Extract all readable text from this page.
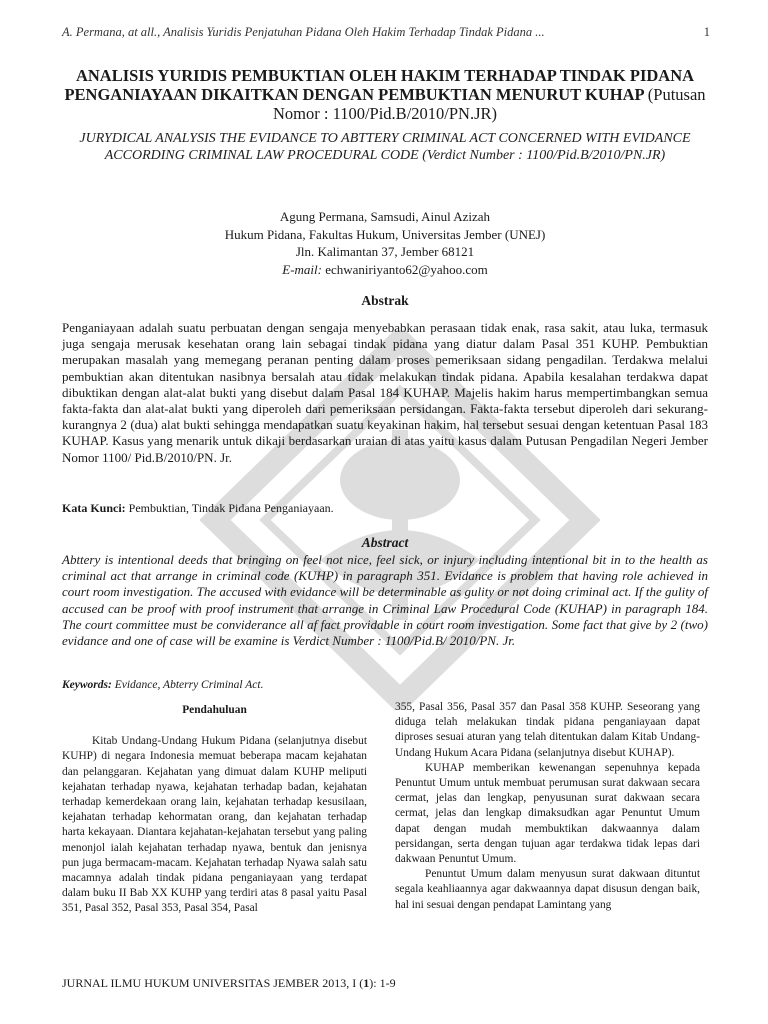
A. Permana, at all., Analisis Yuridis Penjatuhan Pidana Oleh Hakim Terhadap Tindak Pidana ...	1
ANALISIS YURIDIS PEMBUKTIAN OLEH HAKIM TERHADAP TINDAK PIDANA PENGANIAYAAN DIKAITKAN DENGAN PEMBUKTIAN MENURUT KUHAP (Putusan Nomor : 1100/Pid.B/2010/PN.JR)
JURYDICAL ANALYSIS THE EVIDANCE TO ABTTERY CRIMINAL ACT CONCERNED WITH EVIDANCE ACCORDING CRIMINAL LAW PROCEDURAL CODE (Verdict Number : 1100/Pid.B/2010/PN.JR)
Agung Permana, Samsudi, Ainul Azizah
Hukum Pidana, Fakultas Hukum, Universitas Jember (UNEJ)
Jln. Kalimantan 37, Jember 68121
E-mail: echwaniriyanto62@yahoo.com
Abstrak
Penganiayaan adalah suatu perbuatan dengan sengaja menyebabkan perasaan tidak enak, rasa sakit, atau luka, termasuk juga sengaja merusak kesehatan orang lain sebagai tindak pidana yang diatur dalam Pasal 351 KUHP. Pembuktian merupakan masalah yang memegang peranan penting dalam proses pemeriksaan sidang pengadilan. Terdakwa melalui pembuktian akan ditentukan nasibnya bersalah atau tidak melakukan tindak pidana. Apabila kesalahan terdakwa dapat dibuktikan dengan alat-alat bukti yang disebut dalam Pasal 184 KUHAP. Majelis hakim harus mempertimbangkan semua fakta-fakta dan alat-alat bukti yang diperoleh dari pemeriksaan persidangan. Fakta-fakta tersebut diperoleh dari sekurang-kurangnya 2 (dua) alat bukti sehingga mendapatkan suatu keyakinan hakim, hal tersebut sesuai dengan ketentuan Pasal 183 KUHAP. Kasus yang menarik untuk dikaji berdasarkan uraian di atas yaitu kasus dalam Putusan Pengadilan Negeri Jember Nomor 1100/ Pid.B/2010/PN. Jr.
Kata Kunci: Pembuktian, Tindak Pidana Penganiayaan.
Abstract
Abttery is intentional deeds that bringing on feel not nice, feel sick, or injury including intentional bit in to the health as criminal act that arrange in criminal code (KUHP) in paragraph 351. Evidance is problem that having role achieved in court room investigation. The accused with evidance will be determinable as gulity or not doing criminal act. If the gulity of accused can be proof with proof instrument that arrange in Criminal Law Procedural Code (KUHAP) in paragraph 184. The court committee must be conviderance all af fact providable in court room investigation. Some fact that give by 2 (two) evidance and one of case will be examine is Verdict Number : 1100/Pid.B/ 2010/PN. Jr.
Keywords: Evidance, Abterry Criminal Act.

Pendahuluan

Kitab Undang-Undang Hukum Pidana (selanjutnya disebut KUHP) di negara Indonesia memuat beberapa macam kejahatan dan pelanggaran. Kejahatan yang dimuat dalam KUHP meliputi kejahatan terhadap nyawa, kejahatan terhadap badan, kejahatan terhadap kemerdekaan orang lain, kejahatan terhadap kesusilaan, kejahatan terhadap kehormatan orang, dan kejahatan terhadap harta kekayaan. Diantara kejahatan-kejahatan tersebut yang paling menonjol ialah kejahatan terhadap nyawa, bentuk dan jenisnya pun juga bermacam-macam. Kejahatan terhadap Nyawa salah satu macamnya adalah tindak pidana penganiayaan yang terdapat dalam buku II Bab XX KUHP yang terdiri atas 8 pasal yaitu Pasal 351, Pasal 352, Pasal 353, Pasal 354, Pasal

355, Pasal 356, Pasal 357 dan Pasal 358 KUHP. Seseorang yang diduga telah melakukan tindak pidana penganiayaan dapat diproses sesuai aturan yang telah ditentukan dalam Kitab Undang-Undang Hukum Acara Pidana (selanjutnya disebut KUHAP).

KUHAP memberikan kewenangan sepenuhnya kepada Penuntut Umum untuk membuat perumusan surat dakwaan secara cermat, jelas dan lengkap, penyusunan surat dakwaan secara cermat, jelas dan lengkap dimaksudkan agar Penuntut Umum dapat dengan mudah membuktikan dakwaannya dalam persidangan, serta dengan tujuan agar terdakwa tidak lepas dari dakwaan Penuntut Umum.

Penuntut Umum dalam menyusun surat dakwaan dituntut segala keahliaannya agar dakwaannya dapat disusun dengan baik, hal ini sesuai dengan pendapat Lamintang yang

JURNAL ILMU HUKUM UNIVERSITAS JEMBER 2013, I (1): 1-9
